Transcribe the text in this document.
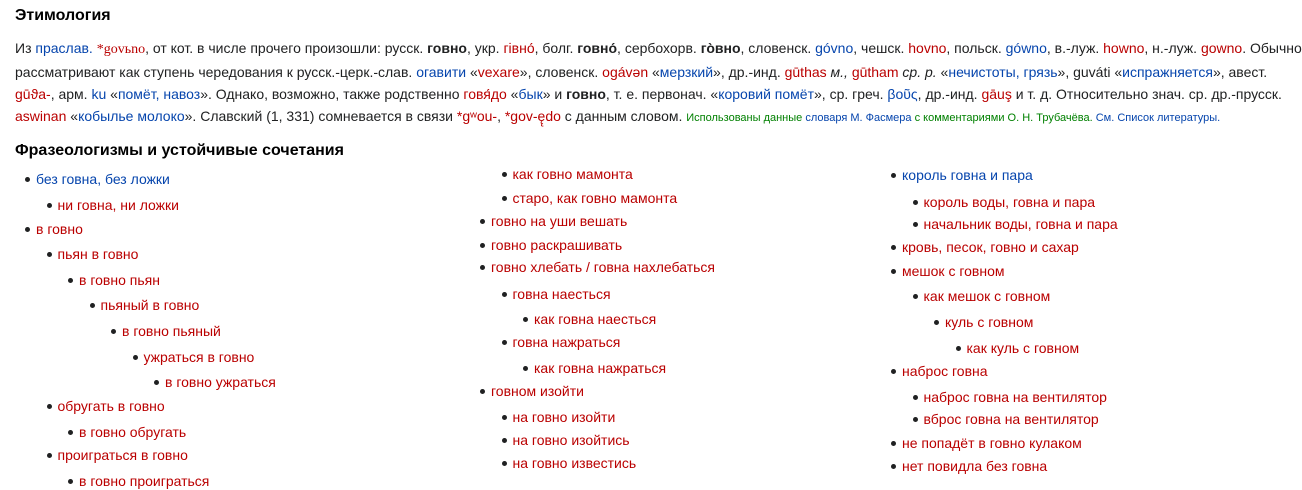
Этимология

Из праслав. *govьno, от кот. в числе прочего произошли: русск. говно, укр. гівно́, болг. говно́, сербохорв. го̀вно, словенск. góvno, чешск. hovno, польск. gówno, в.-луж. howno, н.-луж. gowno. Обычно
рассматривают как ступень чередования к русск.-церк.-слав. огавити «vexare», словенск. ogávǝn «мерзкий», др.-инд. gūthas м., gūtham ср. р. «нечистоты, грязь», guváti «испражняется», авест.
gūϑa-, арм. ku «помёт, навоз». Однако, возможно, также родственно говя́до «бык» и говно, т. е. первонач. «коровий помёт», ср. греч. βοῦς, др.-инд. gāuş и т. д. Относительно знач. ср. др.-прусск.
aswinan «кобылье молоко». Славский (1, 331) сомневается в связи *gʷou-, *gov-ę̨do с данным словом. Использованы данные словаря М. Фасмера с комментариями О. Н. Трубачёва. См. Список литературы.

Фразеологизмы и устойчивые сочетания
без говна, без ложки
ни говна, ни ложки
в говно
пьян в говно
в говно пьян
пьяный в говно
в говно пьяный
ужраться в говно
в говно ужраться
обругать в говно
в говно обругать
проиграться в говно
в говно проиграться
как говно мамонта
старо, как говно мамонта
говно на уши вешать
говно раскрашивать
говно хлебать / говна нахлебаться
говна наесться
как говна наесться
говна нажраться
как говна нажраться
говном изойти
на говно изойти
на говно изойтись
на говно известись
король говна и пара
король воды, говна и пара
начальник воды, говна и пара
кровь, песок, говно и сахар
мешок с говном
как мешок с говном
куль с говном
как куль с говном
наброс говна
наброс говна на вентилятор
вброс говна на вентилятор
не попадёт в говно кулаком
нет повидла без говна
